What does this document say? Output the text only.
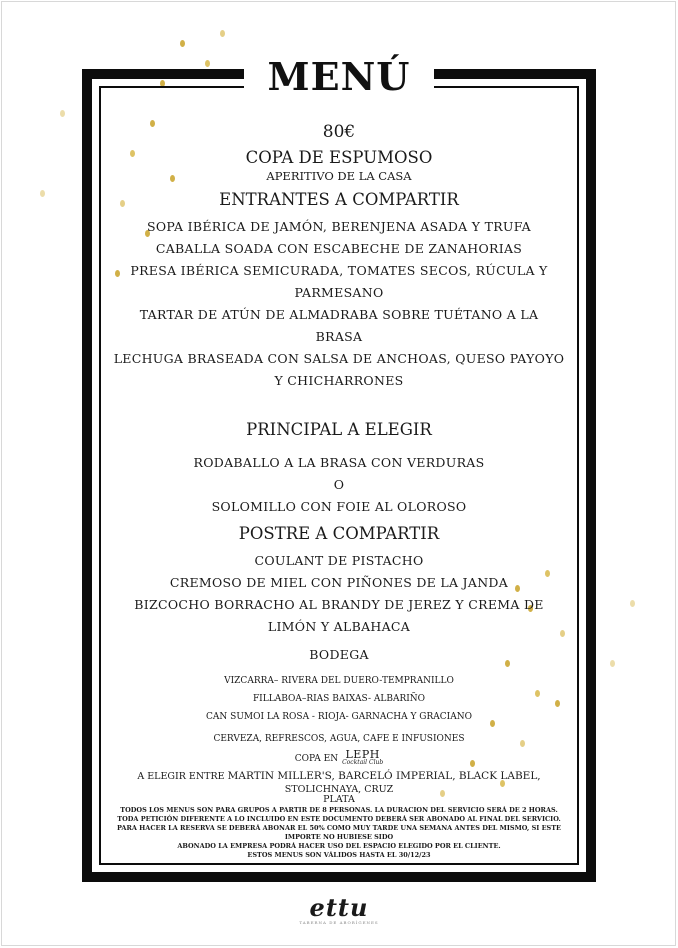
MENÚ
80€
COPA DE ESPUMOSO
APERITIVO DE LA CASA
ENTRANTES A COMPARTIR
SOPA IBÉRICA DE JAMÓN, BERENJENA ASADA Y TRUFA
CABALLA SOADA CON ESCABECHE DE ZANAHORIAS
PRESA IBÉRICA SEMICURADA, TOMATES SECOS, RÚCULA Y
PARMESANO
TARTAR DE ATÚN DE ALMADRABA SOBRE TUÉTANO A LA
BRASA
LECHUGA BRASEADA CON SALSA DE ANCHOAS, QUESO PAYOYO
Y CHICHARRONES
PRINCIPAL A ELEGIR
RODABALLO A LA BRASA CON VERDURAS
O
SOLOMILLO CON FOIE AL OLOROSO
POSTRE A COMPARTIR
COULANT DE PISTACHO
CREMOSO DE MIEL CON PIÑONES DE LA JANDA
BIZCOCHO BORRACHO AL BRANDY DE JEREZ Y CREMA DE
LIMÓN Y ALBAHACA
BODEGA
VIZCARRA– RIVERA DEL DUERO-TEMPRANILLO
FILLABOA–RIAS BAIXAS- ALBARIÑO
CAN SUMOI LA ROSA - RIOJA- GARNACHA Y GRACIANO
CERVEZA, REFRESCOS, AGUA, CAFE E INFUSIONES
COPA EN LEPH
Cocktail Club
A ELEGIR ENTRE MARTIN MILLER'S, BARCELÓ IMPERIAL, BLACK LABEL, STOLICHNAYA, CRUZ
PLATA
TODOS LOS MENUS SON PARA GRUPOS A PARTIR DE 8 PERSONAS. LA DURACION DEL SERVICIO SERÁ DE 2 HORAS.
TODA PETICIÓN DIFERENTE A LO INCLUIDO EN ESTE DOCUMENTO DEBERÁ SER ABONADO AL FINAL DEL SERVICIO.
PARA HACER LA RESERVA SE DEBERÁ ABONAR EL 50% COMO MUY TARDE UNA SEMANA ANTES DEL MISMO, SI ESTE IMPORTE NO HUBIESE SIDO
ABONADO LA EMPRESA PODRÁ HACER USO DEL ESPACIO ELEGIDO POR EL CLIENTE.
ESTOS MENUS SON VÁLIDOS HASTA EL 30/12/23
ettu
TABERNA DE ABORÍGENES
